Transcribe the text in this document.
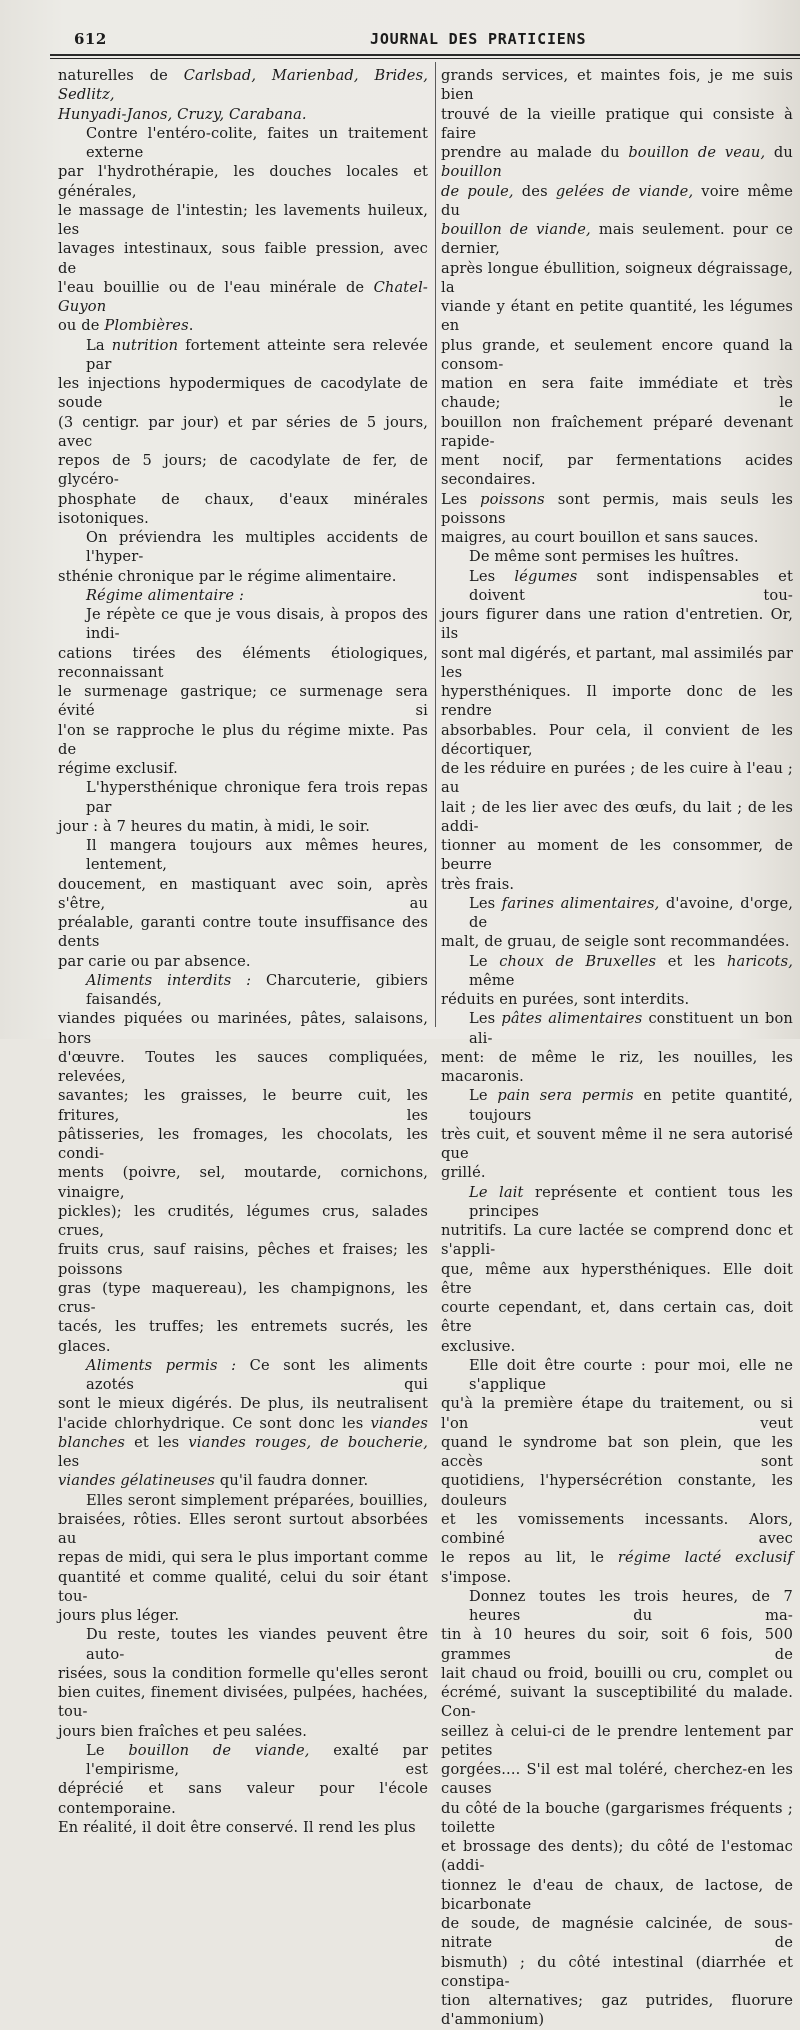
612	JOURNAL DES PRATICIENS

naturelles de Carlsbad, Marienbad, Brides, Sedlitz,
Hunyadi-Janos, Cruzy, Carabana.

Contre l'entéro-colite, faites un traitement externe
par l'hydrothérapie, les douches locales et générales,
le massage de l'intestin; les lavements huileux, les
lavages intestinaux, sous faible pression, avec de
l'eau bouillie ou de l'eau minérale de Chatel-Guyon
ou de Plombières.

La nutrition fortement atteinte sera relevée par
les injections hypodermiques de cacodylate de soude
(3 centigr. par jour) et par séries de 5 jours, avec
repos de 5 jours; de cacodylate de fer, de glycéro-
phosphate de chaux, d'eaux minérales isotoniques.

On préviendra les multiples accidents de l'hyper-
sthénie chronique par le régime alimentaire.

Régime alimentaire :

Je répète ce que je vous disais, à propos des indi-
cations tirées des éléments étiologiques, reconnaissant
le surmenage gastrique; ce surmenage sera évité si
l'on se rapproche le plus du régime mixte. Pas de
régime exclusif.

L'hypersthénique chronique fera trois repas par
jour : à 7 heures du matin, à midi, le soir.

Il mangera toujours aux mêmes heures, lentement,
doucement, en mastiquant avec soin, après s'être, au
préalable, garanti contre toute insuffisance des dents
par carie ou par absence.

Aliments interdits : Charcuterie, gibiers faisandés,
viandes piquées ou marinées, pâtes, salaisons, hors
d'œuvre. Toutes les sauces compliquées, relevées,
savantes; les graisses, le beurre cuit, les fritures, les
pâtisseries, les fromages, les chocolats, les condi-
ments (poivre, sel, moutarde, cornichons, vinaigre,
pickles); les crudités, légumes crus, salades crues,
fruits crus, sauf raisins, pêches et fraises; les poissons
gras (type maquereau), les champignons, les crus-
tacés, les truffes; les entremets sucrés, les glaces.

Aliments permis : Ce sont les aliments azotés qui
sont le mieux digérés. De plus, ils neutralisent
l'acide chlorhydrique. Ce sont donc les viandes
blanches et les viandes rouges, de boucherie, les
viandes gélatineuses qu'il faudra donner.

Elles seront simplement préparées, bouillies,
braisées, rôties. Elles seront surtout absorbées au
repas de midi, qui sera le plus important comme
quantité et comme qualité, celui du soir étant tou-
jours plus léger.

Du reste, toutes les viandes peuvent être auto-
risées, sous la condition formelle qu'elles seront
bien cuites, finement divisées, pulpées, hachées, tou-
jours bien fraîches et peu salées.

Le bouillon de viande, exalté par l'empirisme, est
déprécié et sans valeur pour l'école contemporaine.
En réalité, il doit être conservé. Il rend les plus

grands services, et maintes fois, je me suis bien
trouvé de la vieille pratique qui consiste à faire
prendre au malade du bouillon de veau, du bouillon
de poule, des gelées de viande, voire même du
bouillon de viande, mais seulement. pour ce dernier,
après longue ébullition, soigneux dégraissage, la
viande y étant en petite quantité, les légumes en
plus grande, et seulement encore quand la consom-
mation en sera faite immédiate et très chaude; le
bouillon non fraîchement préparé devenant rapide-
ment nocif, par fermentations acides secondaires.
Les poissons sont permis, mais seuls les poissons
maigres, au court bouillon et sans sauces.

De même sont permises les huîtres.

Les légumes sont indispensables et doivent tou-
jours figurer dans une ration d'entretien. Or, ils
sont mal digérés, et partant, mal assimilés par les
hypersthéniques. Il importe donc de les rendre
absorbables. Pour cela, il convient de les décortiquer,
de les réduire en purées ; de les cuire à l'eau ; au
lait ; de les lier avec des œufs, du lait ; de les addi-
tionner au moment de les consommer, de beurre
très frais.

Les farines alimentaires, d'avoine, d'orge, de
malt, de gruau, de seigle sont recommandées.

Le choux de Bruxelles et les haricots, même
réduits en purées, sont interdits.

Les pâtes alimentaires constituent un bon ali-
ment: de même le riz, les nouilles, les macaronis.

Le pain sera permis en petite quantité, toujours
très cuit, et souvent même il ne sera autorisé que
grillé.

Le lait représente et contient tous les principes
nutritifs. La cure lactée se comprend donc et s'appli-
que, même aux hypersthéniques. Elle doit être
courte cependant, et, dans certain cas, doit être
exclusive.

Elle doit être courte : pour moi, elle ne s'applique
qu'à la première étape du traitement, ou si l'on veut
quand le syndrome bat son plein, que les accès sont
quotidiens, l'hypersécrétion constante, les douleurs
et les vomissements incessants. Alors, combiné avec
le repos au lit, le régime lacté exclusif s'impose.

Donnez toutes les trois heures, de 7 heures du ma-
tin à 10 heures du soir, soit 6 fois, 500 grammes de
lait chaud ou froid, bouilli ou cru, complet ou
écrémé, suivant la susceptibilité du malade. Con-
seillez à celui-ci de le prendre lentement par petites
gorgées.... S'il est mal toléré, cherchez-en les causes
du côté de la bouche (gargarismes fréquents ; toilette
et brossage des dents); du côté de l'estomac (addi-
tionnez le d'eau de chaux, de lactose, de bicarbonate
de soude, de magnésie calcinée, de sous-nitrate de
bismuth) ; du côté intestinal (diarrhée et constipa-
tion alternatives; gaz putrides, fluorure d'ammonium)
